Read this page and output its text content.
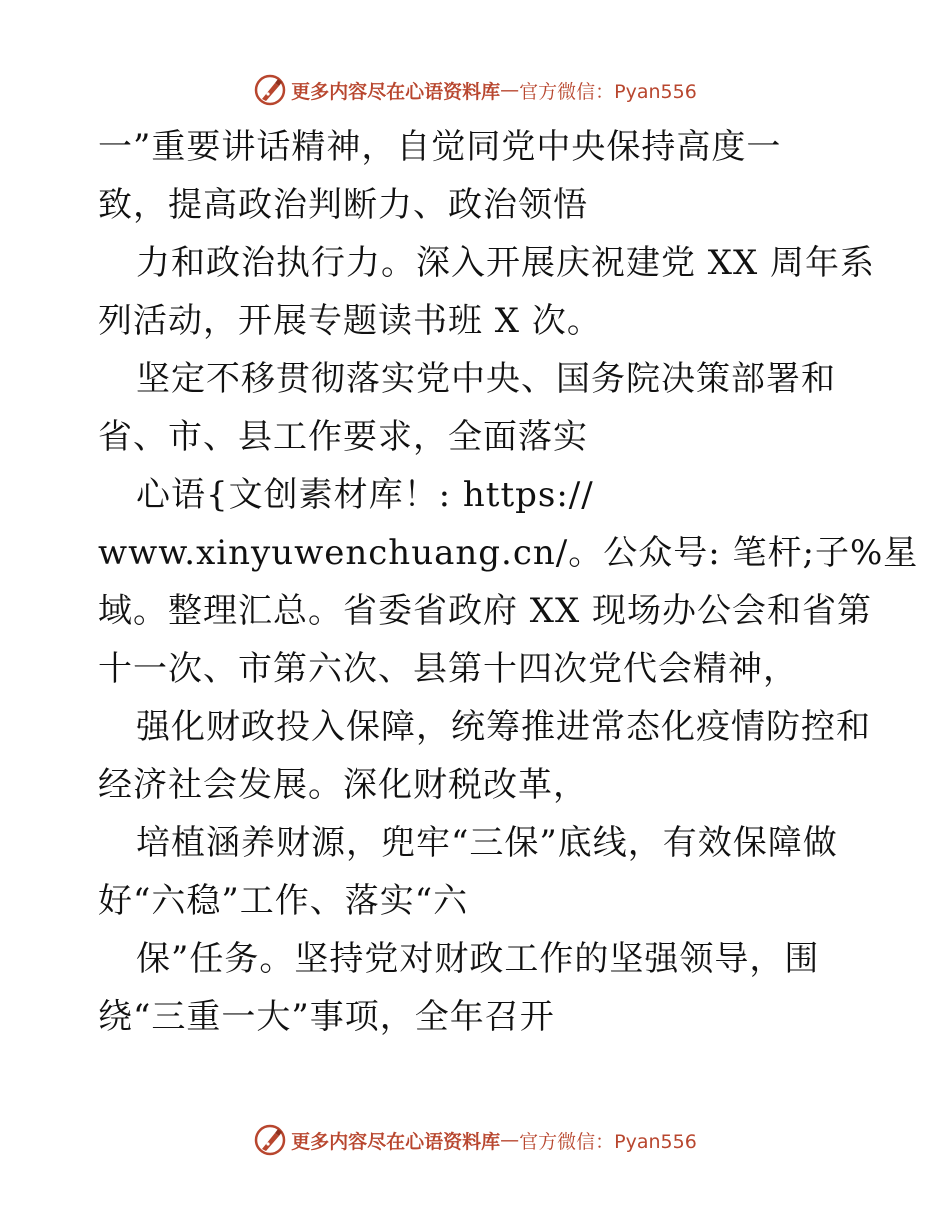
更多内容尽在心语资料库 — 官方微信：Pyan556
一”重要讲话精神，自觉同党中央保持高度一
致，提高政治判断力、政治领悟
力和政治执行力。深入开展庆祝建党 XX 周年系
列活动，开展专题读书班 X 次。
坚定不移贯彻落实党中央、国务院决策部署和
省、市、县工作要求，全面落实
心语{文创素材库！: https://
www.xinyuwenchuang.cn/。公众号: 笔杆;子%星
域。整理汇总。省委省政府 XX 现场办公会和省第
十一次、市第六次、县第十四次党代会精神，
强化财政投入保障，统筹推进常态化疫情防控和
经济社会发展。深化财税改革，
培植涵养财源，兜牢“三保”底线，有效保障做
好“六稳”工作、落实“六
保”任务。坚持党对财政工作的坚强领导，围
绕“三重一大”事项，全年召开
更多内容尽在心语资料库 — 官方微信：Pyan556
